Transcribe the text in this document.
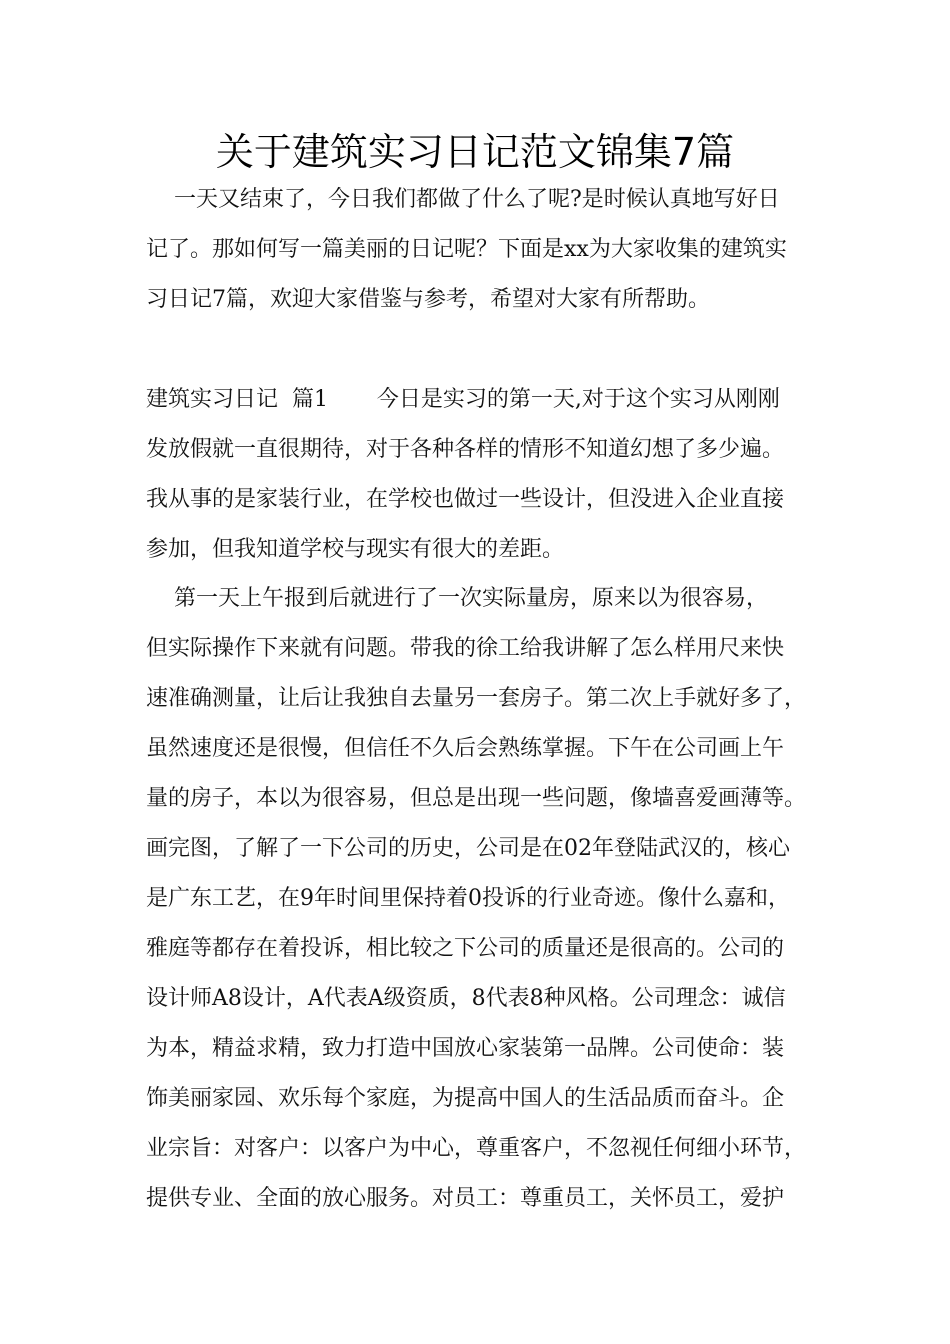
关于建筑实习日记范文锦集7篇
一天又结束了，今日我们都做了什么了呢?是时候认真地写好日
记了。那如何写一篇美丽的日记呢？下面是xx为大家收集的建筑实
习日记7篇，欢迎大家借鉴与参考，希望对大家有所帮助。
建筑实习日记  篇1       今日是实习的第一天,对于这个实习从刚刚
发放假就一直很期待，对于各种各样的情形不知道幻想了多少遍。
我从事的是家装行业，在学校也做过一些设计，但没进入企业直接
参加，但我知道学校与现实有很大的差距。
第一天上午报到后就进行了一次实际量房，原来以为很容易，
但实际操作下来就有问题。带我的徐工给我讲解了怎么样用尺来快
速准确测量，让后让我独自去量另一套房子。第二次上手就好多了，
虽然速度还是很慢，但信任不久后会熟练掌握。下午在公司画上午
量的房子，本以为很容易，但总是出现一些问题，像墙喜爱画薄等。
画完图，了解了一下公司的历史，公司是在02年登陆武汉的，核心
是广东工艺，在9年时间里保持着0投诉的行业奇迹。像什么嘉和，
雅庭等都存在着投诉，相比较之下公司的质量还是很高的。公司的
设计师A8设计，A代表A级资质，8代表8种风格。公司理念：诚信
为本，精益求精，致力打造中国放心家装第一品牌。公司使命：装
饰美丽家园、欢乐每个家庭，为提高中国人的生活品质而奋斗。企
业宗旨：对客户：以客户为中心，尊重客户，不忽视任何细小环节，
提供专业、全面的放心服务。对员工：尊重员工，关怀员工，爱护
